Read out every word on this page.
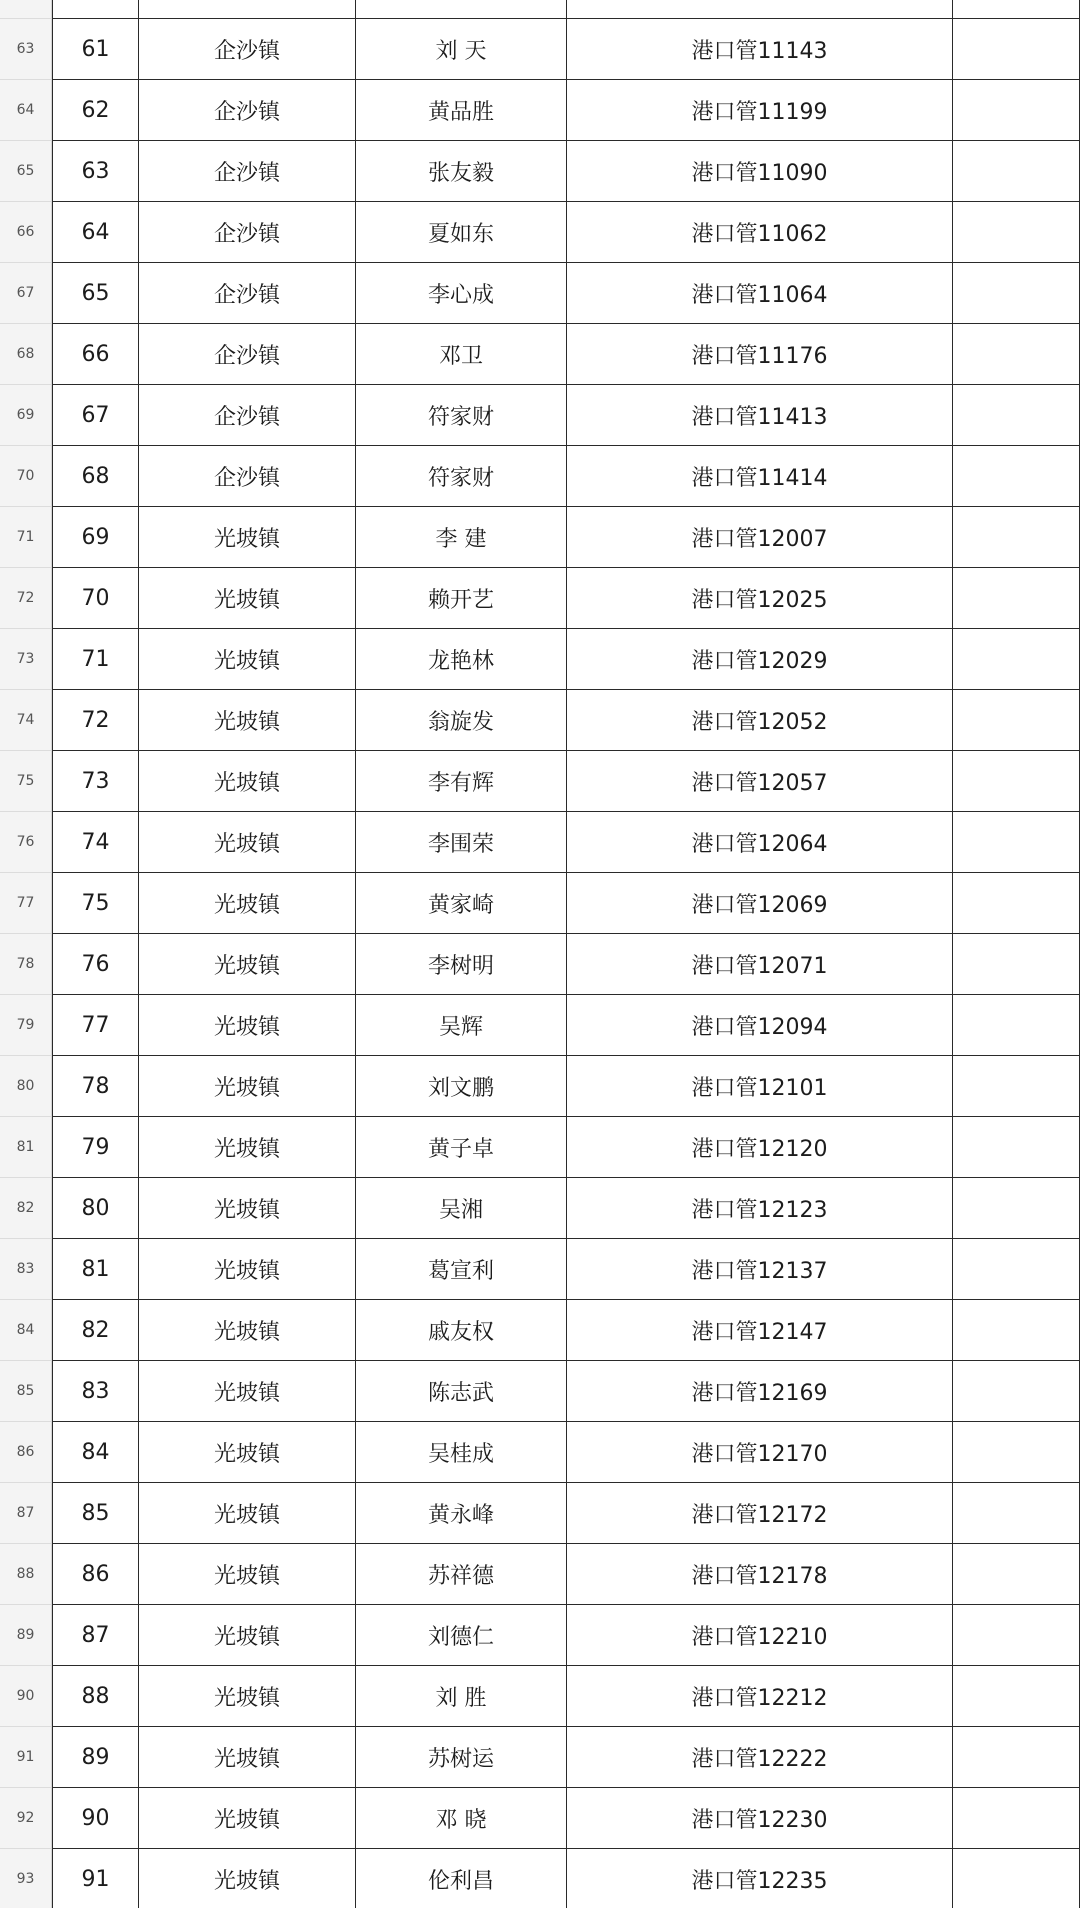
63	61	企沙镇	刘 天	港口管11143
64	62	企沙镇	黄品胜	港口管11199
65	63	企沙镇	张友毅	港口管11090
66	64	企沙镇	夏如东	港口管11062
67	65	企沙镇	李心成	港口管11064
68	66	企沙镇	邓卫	港口管11176
69	67	企沙镇	符家财	港口管11413
70	68	企沙镇	符家财	港口管11414
71	69	光坡镇	李 建	港口管12007
72	70	光坡镇	赖开艺	港口管12025
73	71	光坡镇	龙艳林	港口管12029
74	72	光坡镇	翁旋发	港口管12052
75	73	光坡镇	李有辉	港口管12057
76	74	光坡镇	李围荣	港口管12064
77	75	光坡镇	黄家崎	港口管12069
78	76	光坡镇	李树明	港口管12071
79	77	光坡镇	吴辉	港口管12094
80	78	光坡镇	刘文鹏	港口管12101
81	79	光坡镇	黄子卓	港口管12120
82	80	光坡镇	吴湘	港口管12123
83	81	光坡镇	葛宣利	港口管12137
84	82	光坡镇	戚友权	港口管12147
85	83	光坡镇	陈志武	港口管12169
86	84	光坡镇	吴桂成	港口管12170
87	85	光坡镇	黄永峰	港口管12172
88	86	光坡镇	苏祥德	港口管12178
89	87	光坡镇	刘德仁	港口管12210
90	88	光坡镇	刘 胜	港口管12212
91	89	光坡镇	苏树运	港口管12222
92	90	光坡镇	邓 晓	港口管12230
93	91	光坡镇	伦利昌	港口管12235
